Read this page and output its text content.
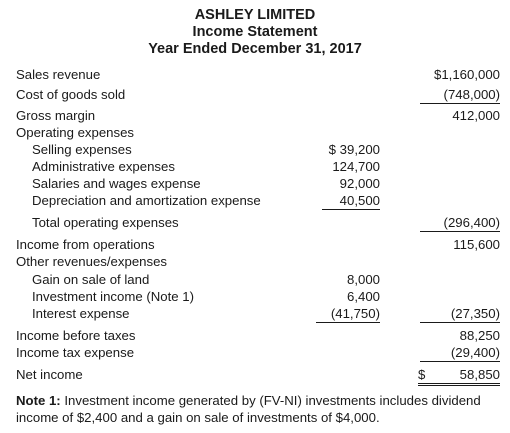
ASHLEY LIMITED
Income Statement
Year Ended December 31, 2017
Sales revenue	$1,160,000
Cost of goods sold	(748,000)
Gross margin	412,000
Operating expenses
Selling expenses	$ 39,200
Administrative expenses	124,700
Salaries and wages expense	92,000
Depreciation and amortization expense	40,500
Total operating expenses	(296,400)
Income from operations	115,600
Other revenues/expenses
Gain on sale of land	8,000
Investment income (Note 1)	6,400
Interest expense	(41,750)	(27,350)
Income before taxes	88,250
Income tax expense	(29,400)
Net income	$	58,850
Note 1: Investment income generated by (FV-NI) investments includes dividend income of $2,400 and a gain on sale of investments of $4,000.
